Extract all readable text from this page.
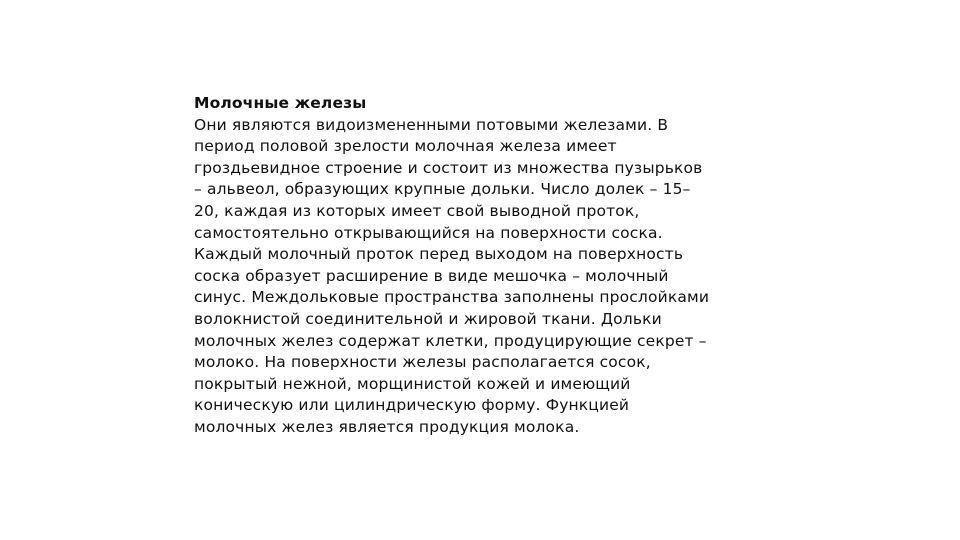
Молочные железы
Они являются видоизмененными потовыми железами. В
период половой зрелости молочная железа имеет
гроздьевидное строение и состоит из множества пузырьков
– альвеол, образующих крупные дольки. Число долек – 15–
20, каждая из которых имеет свой выводной проток,
самостоятельно открывающийся на поверхности соска.
Каждый молочный проток перед выходом на поверхность
соска образует расширение в виде мешочка – молочный
синус. Междольковые пространства заполнены прослойками
волокнистой соединительной и жировой ткани. Дольки
молочных желез содержат клетки, продуцирующие секрет –
молоко. На поверхности железы располагается сосок,
покрытый нежной, морщинистой кожей и имеющий
коническую или цилиндрическую форму. Функцией
молочных желез является продукция молока.
